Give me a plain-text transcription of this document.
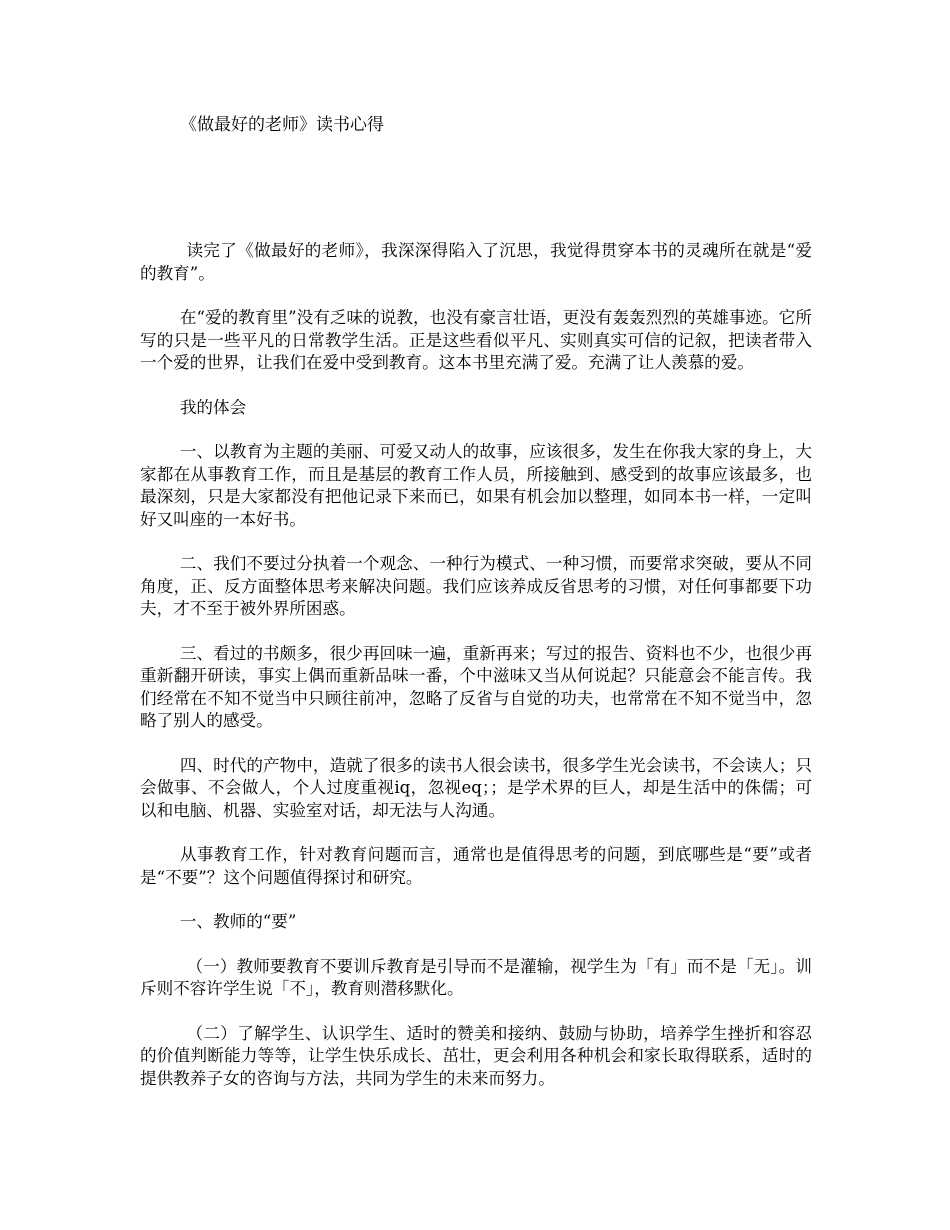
《做最好的老师》读书心得

读完了《做最好的老师》，我深深得陷入了沉思，我觉得贯穿本书的灵魂所在就是“爱的教育”。

在“爱的教育里”没有乏味的说教，也没有豪言壮语，更没有轰轰烈烈的英雄事迹。它所写的只是一些平凡的日常教学生活。正是这些看似平凡、实则真实可信的记叙，把读者带入一个爱的世界，让我们在爱中受到教育。这本书里充满了爱。充满了让人羡慕的爱。

我的体会

一、以教育为主题的美丽、可爱又动人的故事，应该很多，发生在你我大家的身上，大家都在从事教育工作，而且是基层的教育工作人员，所接触到、感受到的故事应该最多，也最深刻，只是大家都没有把他记录下来而已，如果有机会加以整理，如同本书一样，一定叫好又叫座的一本好书。

二、我们不要过分执着一个观念、一种行为模式、一种习惯，而要常求突破，要从不同角度，正、反方面整体思考来解决问题。我们应该养成反省思考的习惯，对任何事都要下功夫，才不至于被外界所困惑。

三、看过的书颇多，很少再回味一遍，重新再来；写过的报告、资料也不少，也很少再重新翻开研读，事实上偶而重新品味一番，个中滋味又当从何说起？只能意会不能言传。我们经常在不知不觉当中只顾往前冲，忽略了反省与自觉的功夫，也常常在不知不觉当中，忽略了别人的感受。

四、时代的产物中，造就了很多的读书人很会读书，很多学生光会读书，不会读人；只会做事、不会做人，个人过度重视iq，忽视eq；；是学术界的巨人，却是生活中的侏儒；可以和电脑、机器、实验室对话，却无法与人沟通。

从事教育工作，针对教育问题而言，通常也是值得思考的问题，到底哪些是“要”或者是“不要”？这个问题值得探讨和研究。

一、教师的“要”

（一）教师要教育不要训斥教育是引导而不是灌输，视学生为「有」而不是「无」。训斥则不容许学生说「不」，教育则潜移默化。

（二）了解学生、认识学生、适时的赞美和接纳、鼓励与协助，培养学生挫折和容忍的价值判断能力等等，让学生快乐成长、茁壮，更会利用各种机会和家长取得联系，适时的提供教养子女的咨询与方法，共同为学生的未来而努力。
